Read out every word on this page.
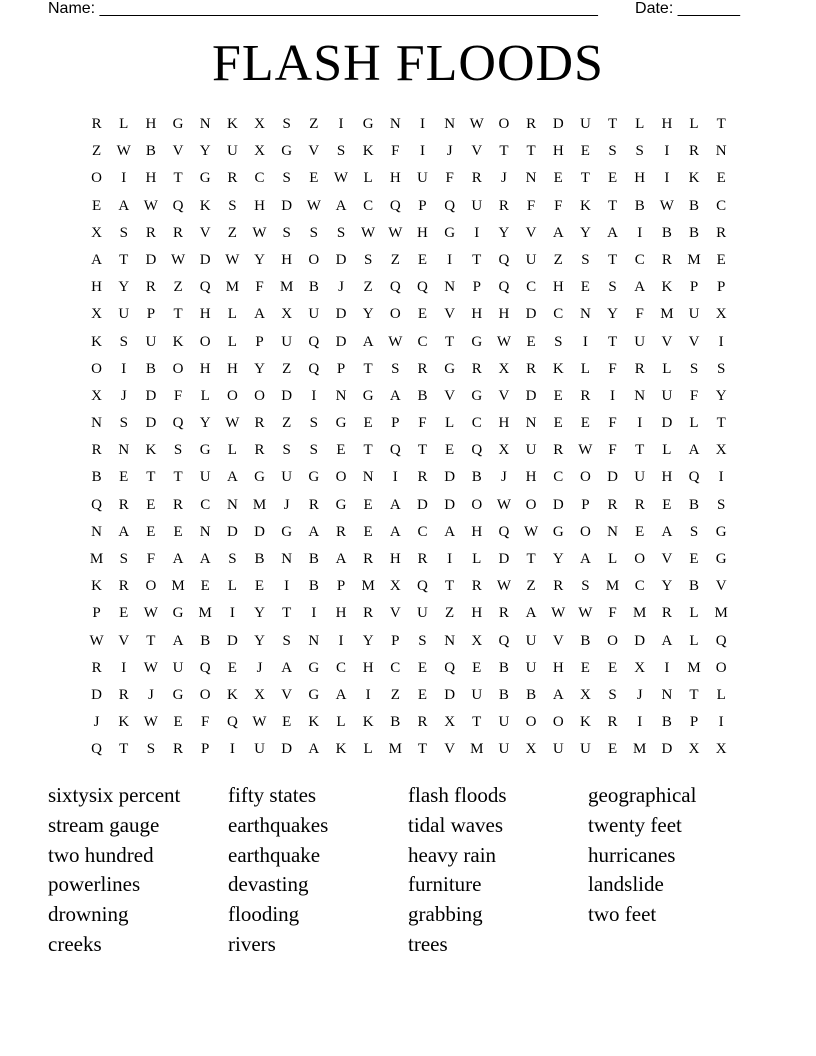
Name: ________________________________________________________ Date: _______
FLASH FLOODS
R	L	H	G	N	K	X	S	Z	I	G	N	I	N W O	R	D	U	T	L	H	L	T
Z	W	B	V	Y	U	X	G	V	S	K	F	I	J	V	T	T	H	E	S	S	I	R	N
O	I	H	T	G	R	C	S	E	W	L	H	U	F	R	J	N	E	T	E	H	I	K	E
E	A W Q	K	S	H	D W A	C	Q	P	Q	U	R	F	F	K	T	B	W	B	C
X	S	R	R	V	Z	W	S	S	S	W W H	G	I	Y	V	A	Y	A	I	B	B	R
A	T	D W D W Y	H	O	D	S	Z	E	I	T	Q	U	Z	S	T	C	R	M	E
H	Y	R	Z	Q	M	F	M	B	J	Z	Q	Q	N	P	Q	C	H	E	S	A	K	P	P
X	U	P	T	H	L	A	X	U	D	Y	O	E	V	H	H	D	C	N	Y	F	M	U	X
K	S	U	K	O	L	P	U	Q	D	A W	C	T	G W	E	S	I	T	U	V	V	I
O	I	B	O	H	H	Y	Z	Q	P	T	S	R	G	R	X	R	K	L	F	R	L	S	S
X	J	D	F	L	O	O	D	I	N	G	A	B	V	G	V	D	E	R	I	N	U	F	Y
N	S	D	Q	Y W	R	Z	S	G	E	P	F	L	C	H	N	E	E	F	I	D	L	T
R	N	K	S	G	L	R	S	S	E	T	Q	T	E	Q	X	U	R	W	F	T	L	A	X
B	E	T	T	U	A	G	U	G	O	N	I	R	D	B	J	H	C	O	D	U	H	Q	I
Q	R	E	R	C	N	M	J	R	G	E	A	D	D	O W O	D	P	R	R	E	B	S
N	A	E	E	N	D	D	G	A	R	E	A	C	A	H	Q W G	O	N	E	A	S	G
M	S	F	A	A	S	B	N	B	A	R	H	R	I	L	D	T	Y	A	L	O	V	E	G
K	R	O	M	E	L	E	I	B	P	M	X	Q	T	R	W	Z	R	S	M	C	Y	B	V
P	E	W G	M	I	Y	T	I	H	R	V	U	Z	H	R	A W W	F	M	R	L	M
W V	T	A	B	D	Y	S	N	I	Y	P	S	N	X	Q	U	V	B	O	D	A	L	Q
R	I	W U	Q	E	J	A	G	C	H	C	E	Q	E	B	U	H	E	E	X	I	M	O
D	R	J	G	O	K	X	V	G	A	I	Z	E	D	U	B	B	A	X	S	J	N	T	L
J	K W	E	F	Q W	E	K	L	K	B	R	X	T	U	O	O	K	R	I	B	P	I
Q	T	S	R	P	I	U	D	A	K	L	M	T	V	M	U	X	U	U	E	M	D	X	X
sixtysix percent	fifty states	flash floods	geographical
stream gauge	earthquakes	tidal waves	twenty feet
two hundred	earthquake	heavy rain	hurricanes
powerlines	devasting	furniture	landslide
drowning	flooding	grabbing	two feet
creeks	rivers	trees
